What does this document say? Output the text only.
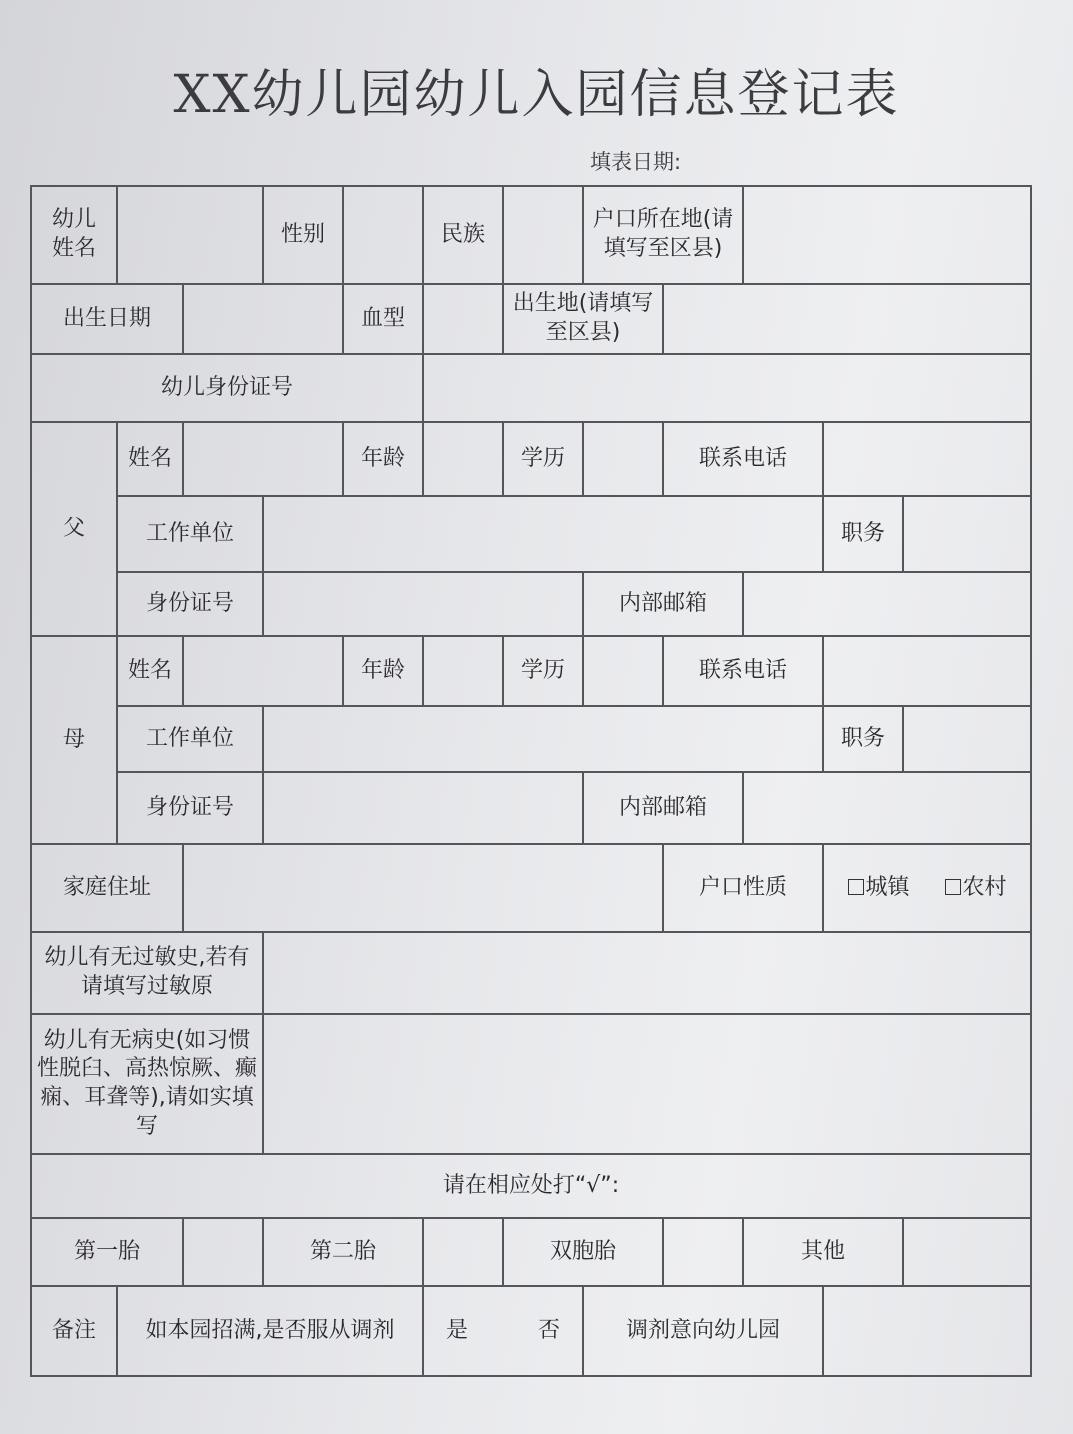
XX幼儿园幼儿入园信息登记表
填表日期:
幼儿姓名			性别		民族		户口所在地(请填写至区县)				
出生日期				血型		出生地(请填写至区县)					
幼儿身份证号											
父	姓名			年龄		学历		联系电话			
	工作单位									职务	
	身份证号						内部邮箱				
母	姓名			年龄		学历		联系电话			
	工作单位									职务	
	身份证号						内部邮箱				
家庭住址								户口性质		城镇 农村	
幼儿有无过敏史,若有请填写过敏原											
幼儿有无病史(如习惯性脱臼、高热惊厥、癫痫、耳聋等),请如实填写											
请在相应处打“√”:											
第一胎			第二胎			双胞胎			其他		
备注	如本园招满,是否服从调剂				是 否		调剂意向幼儿园				
